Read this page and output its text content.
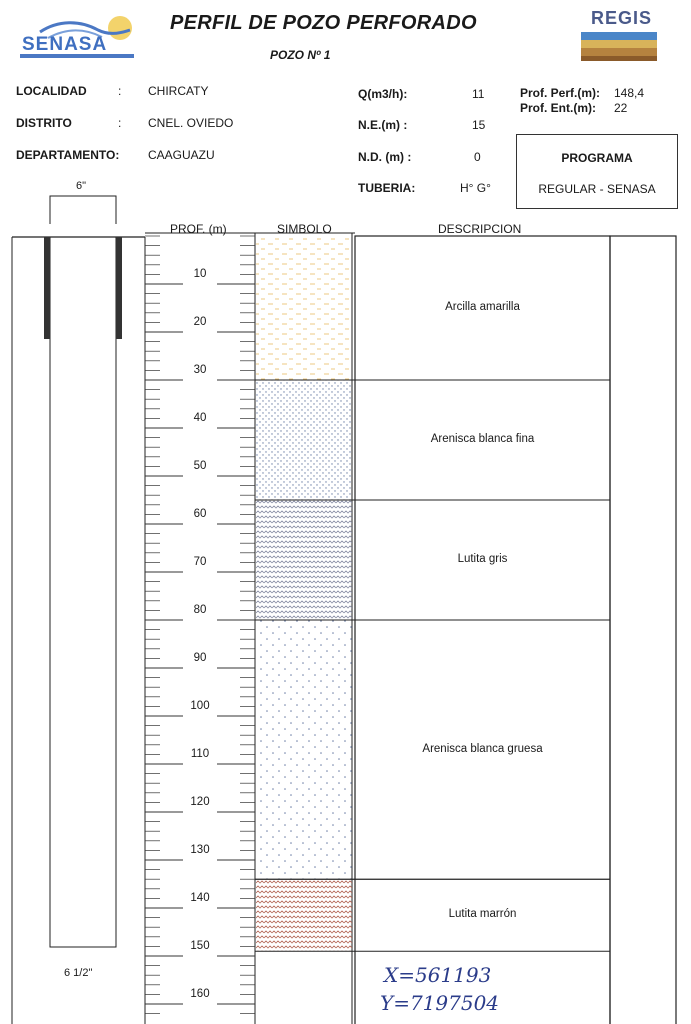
SENASA
PERFIL DE POZO PERFORADO
POZO Nº 1
REGIS
LOCALIDAD	: CHIRCATY
DISTRITO	: CNEL. OVIEDO
DEPARTAMENTO: CAAGUAZU
Q(m3/h):	11
N.E.(m) :	15
N.D. (m) :	0
TUBERIA:	H° G°
Prof. Perf.(m): 148,4
Prof. Ent.(m): 22
PROGRAMA
REGULAR - SENASA
6"
PROF. (m)	SIMBOLO	DESCRIPCION
Arcilla amarilla
Arenisca blanca fina
Lutita gris
Arenisca blanca gruesa
Lutita marrón
10
20
30
40
50
60
70
80
90
100
110
120
130
140
150
160
6 1/2"	X=561193
Y=7197504
